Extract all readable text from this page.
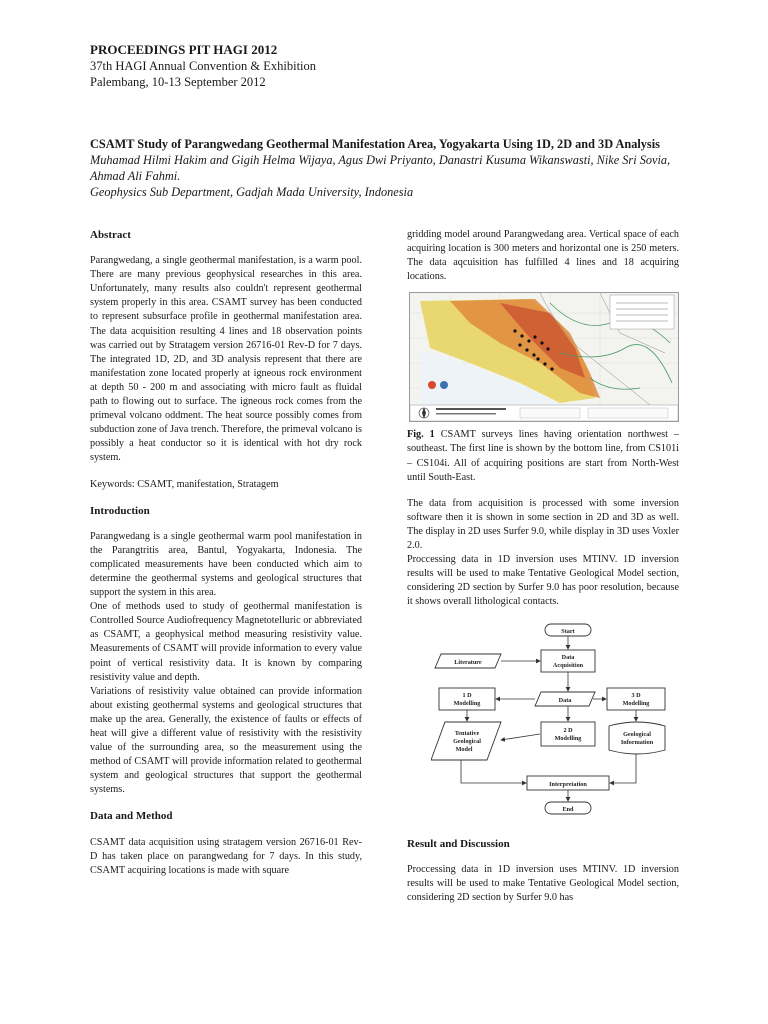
PROCEEDINGS PIT HAGI 2012
37th HAGI Annual Convention & Exhibition
Palembang, 10-13 September 2012
CSAMT Study of Parangwedang Geothermal Manifestation Area, Yogyakarta Using 1D, 2D and 3D Analysis
Muhamad Hilmi Hakim and Gigih Helma Wijaya, Agus Dwi Priyanto, Danastri Kusuma Wikanswasti, Nike Sri Sovia, Ahmad Ali Fahmi.
Geophysics Sub Department, Gadjah Mada University, Indonesia
Abstract

Parangwedang, a single geothermal manifestation, is a warm pool. There are many previous geophysical researches in this area. Unfortunately, many results also couldn't represent geothermal system properly in this area. CSAMT survey has been conducted to represent subsurface profile in geothermal manifestation area. The data acquisition resulting 4 lines and 18 observation points was carried out by Stratagem version 26716-01 Rev-D for 7 days. The integrated 1D, 2D, and 3D analysis represent that there are manifestation zone located properly at igneous rock environment at depth 50 - 200 m and associating with micro fault as fluidal path to flowing out to surface. The igneous rock comes from the primeval volcano oddment. The heat source possibly comes from subduction zone of Java trench. Therefore, the primeval volcano is possibly a heat conductor so it is identical with hot dry rock system.

Keywords: CSAMT, manifestation, Stratagem

Introduction

Parangwedang is a single geothermal warm pool manifestation in the Parangtritis area, Bantul, Yogyakarta, Indonesia. The complicated measurements have been conducted which aim to determine the geothermal systems and geological structures that support the system in this area.

One of methods used to study of geothermal manifestation is Controlled Source Audiofrequency Magnetotelluric or abbreviated as CSAMT, a geophysical method measuring resistivity value. Measurements of CSAMT will provide information to every value point of vertical resistivity data. It is known by comparing resistivity value and depth.

Variations of resistivity value obtained can provide information about existing geothermal systems and geological structures that make up the area. Generally, the existence of faults or effects of heat will give a different value of resistivity with the resistivity value of the surrounding area, so the measurement using the method of CSAMT will provide information related to geothermal system and geological structures that support the geothermal systems.

Data and Method

CSAMT data acquisition using stratagem version 26716-01 Rev-D has taken place on parangwedang for 7 days. In this study, CSAMT acquiring locations is made with square

gridding model around Parangwedang area. Vertical space of each acquiring location is 300 meters and horizontal one is 250 meters. The data aqcuisition has fulfilled 4 lines and 18 acquiring locations.

Fig. 1 CSAMT surveys lines having orientation northwest – southeast. The first line is shown by the bottom line, from CS101i – CS104i. All of acquiring positions are start from North-West until South-East.

The data from acquisition is processed with some inversion software then it is shown in some section in 2D and 3D as well. The display in 2D uses Surfer 9.0, while display in 3D uses Voxler 2.0.

Proccessing data in 1D inversion uses MTINV. 1D inversion results will be used to make Tentative Geological Model section, considering 2D section by Surfer 9.0 has poor resolution, because it shows overall lithological contacts.

Start
Literature
Data
Acquisition
1 D
Modelling	Data
3 D
Modelling
Tentative
Geological
Model
2 D
Modelling
Geological
Information
Interpretation
End
Result and Discussion

Proccessing data in 1D inversion uses MTINV. 1D inversion results will be used to make Tentative Geological Model section, considering 2D section by Surfer 9.0 has
